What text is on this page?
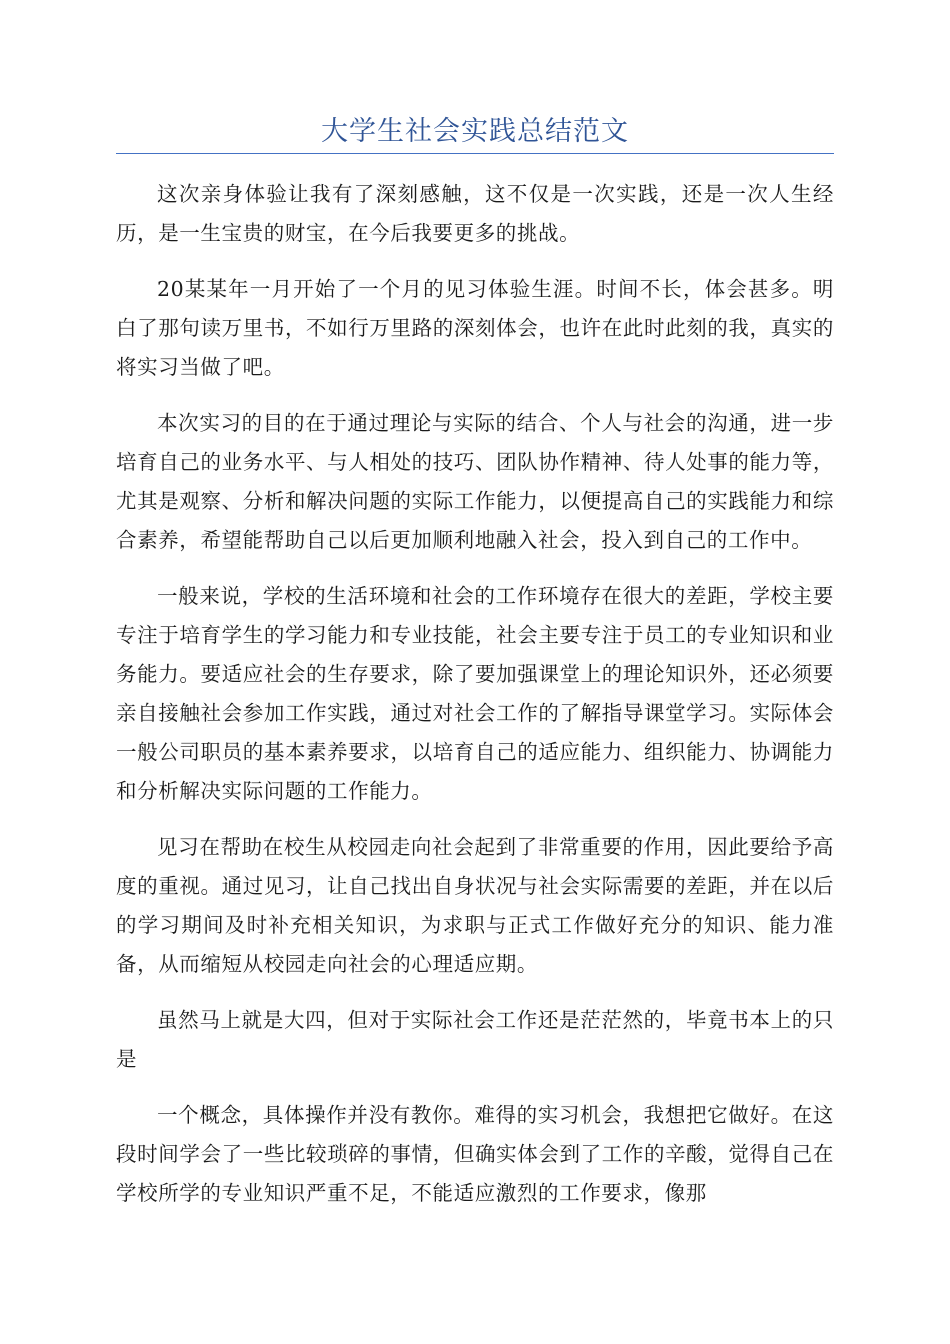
大学生社会实践总结范文

这次亲身体验让我有了深刻感触，这不仅是一次实践，还是一次人生经历，是一生宝贵的财宝，在今后我要更多的挑战。

20某某年一月开始了一个月的见习体验生涯。时间不长，体会甚多。明白了那句读万里书，不如行万里路的深刻体会，也许在此时此刻的我，真实的将实习当做了吧。

本次实习的目的在于通过理论与实际的结合、个人与社会的沟通，进一步培育自己的业务水平、与人相处的技巧、团队协作精神、待人处事的能力等，尤其是观察、分析和解决问题的实际工作能力，以便提高自己的实践能力和综合素养，希望能帮助自己以后更加顺利地融入社会，投入到自己的工作中。

一般来说，学校的生活环境和社会的工作环境存在很大的差距，学校主要专注于培育学生的学习能力和专业技能，社会主要专注于员工的专业知识和业务能力。要适应社会的生存要求，除了要加强课堂上的理论知识外，还必须要亲自接触社会参加工作实践，通过对社会工作的了解指导课堂学习。实际体会一般公司职员的基本素养要求，以培育自己的适应能力、组织能力、协调能力和分析解决实际问题的工作能力。

见习在帮助在校生从校园走向社会起到了非常重要的作用，因此要给予高度的重视。通过见习，让自己找出自身状况与社会实际需要的差距，并在以后的学习期间及时补充相关知识，为求职与正式工作做好充分的知识、能力准备，从而缩短从校园走向社会的心理适应期。

虽然马上就是大四，但对于实际社会工作还是茫茫然的，毕竟书本上的只是

一个概念，具体操作并没有教你。难得的实习机会，我想把它做好。在这段时间学会了一些比较琐碎的事情，但确实体会到了工作的辛酸，觉得自己在学校所学的专业知识严重不足，不能适应激烈的工作要求，像那
